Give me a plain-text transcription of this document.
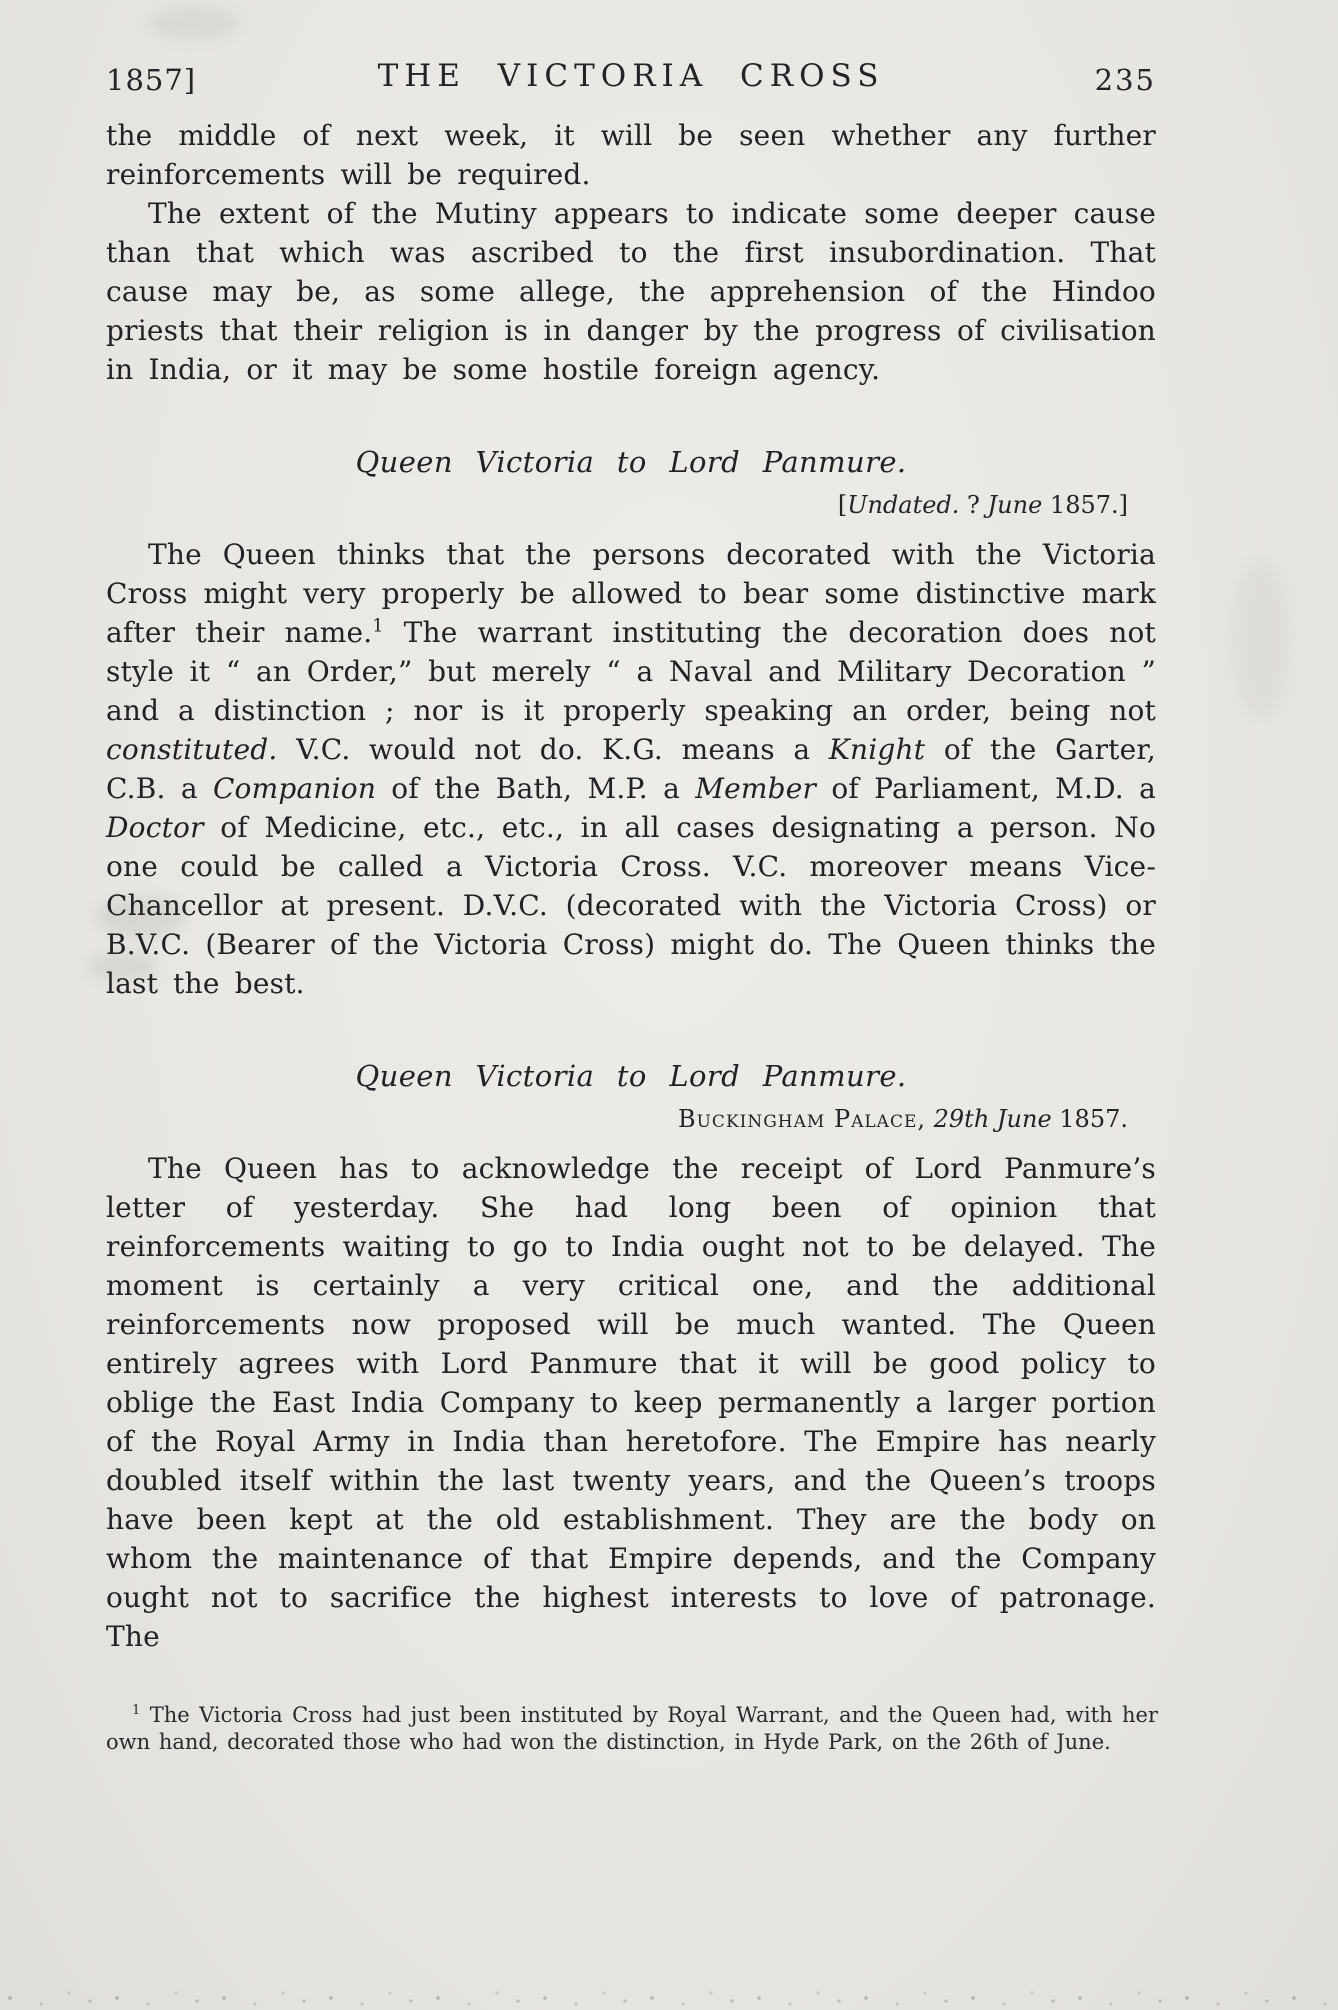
1857]	THE VICTORIA CROSS	235

the middle of next week, it will be seen whether any further reinforcements will be required.

The extent of the Mutiny appears to indicate some deeper cause than that which was ascribed to the first insubordination. That cause may be, as some allege, the apprehension of the Hindoo priests that their religion is in danger by the progress of civilisation in India, or it may be some hostile foreign agency.

Queen Victoria to Lord Panmure.
[Undated. ? June 1857.]

The Queen thinks that the persons decorated with the Victoria Cross might very properly be allowed to bear some distinctive mark after their name.$^1$ The warrant instituting the decoration does not style it “ an Order,” but merely “ a Naval and Military Decoration ” and a distinction ; nor is it properly speaking an order, being not constituted. V.C. would not do. K.G. means a Knight of the Garter, C.B. a Companion of the Bath, M.P. a Member of Parliament, M.D. a Doctor of Medicine, etc., etc., in all cases designating a person. No one could be called a Victoria Cross. V.C. moreover means Vice-Chancellor at present. D.V.C. (decorated with the Victoria Cross) or B.V.C. (Bearer of the Victoria Cross) might do. The Queen thinks the last the best.

Queen Victoria to Lord Panmure.
Buckingham Palace, 29th June 1857.

The Queen has to acknowledge the receipt of Lord Panmure’s letter of yesterday. She had long been of opinion that reinforcements waiting to go to India ought not to be delayed. The moment is certainly a very critical one, and the additional reinforcements now proposed will be much wanted. The Queen entirely agrees with Lord Panmure that it will be good policy to oblige the East India Company to keep permanently a larger portion of the Royal Army in India than heretofore. The Empire has nearly doubled itself within the last twenty years, and the Queen’s troops have been kept at the old establishment. They are the body on whom the maintenance of that Empire depends, and the Company ought not to sacrifice the highest interests to love of patronage. The

$^1$ The Victoria Cross had just been instituted by Royal Warrant, and the Queen had, with her own hand, decorated those who had won the distinction, in Hyde Park, on the 26th of June.
